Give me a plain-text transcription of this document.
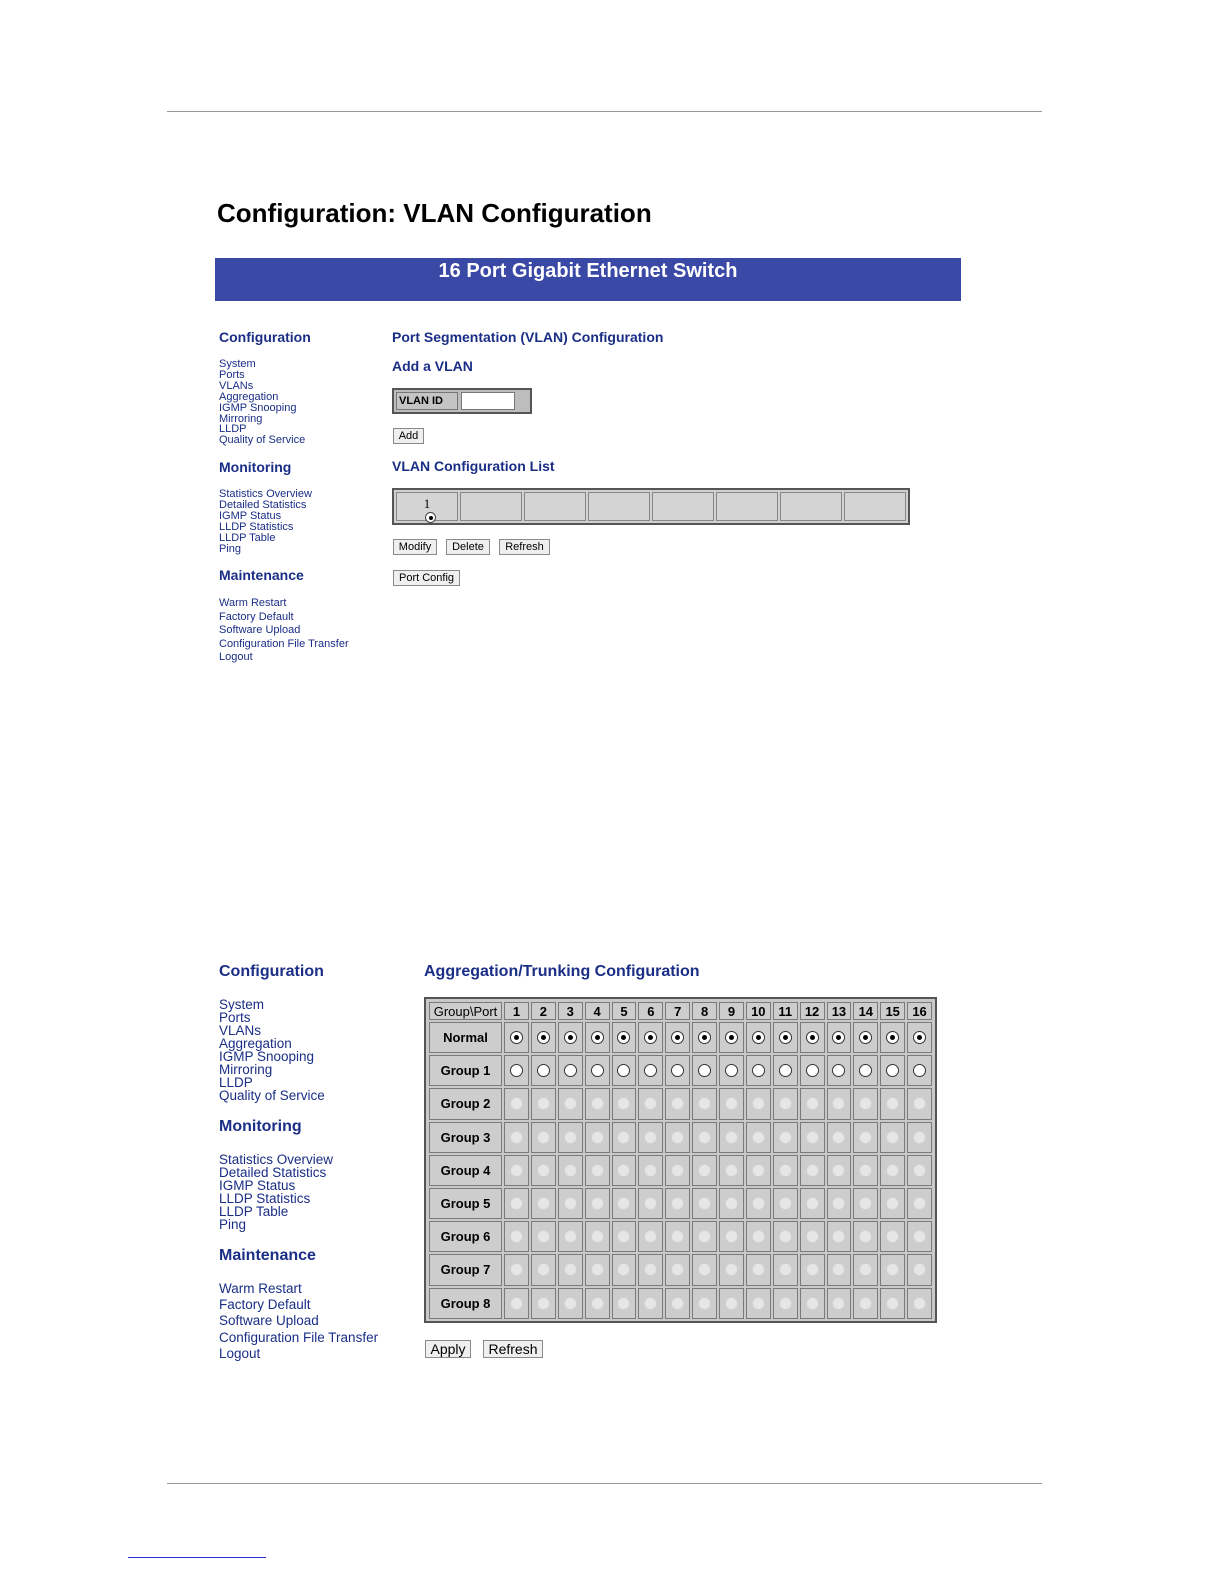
Configuration: VLAN Configuration
16 Port Gigabit Ethernet Switch
Configuration
System
Ports
VLANs
Aggregation
IGMP Snooping
Mirroring
LLDP
Quality of Service
Monitoring
Statistics Overview
Detailed Statistics
IGMP Status
LLDP Statistics
LLDP Table
Ping
Maintenance
Warm Restart
Factory Default
Software Upload
Configuration File Transfer
Logout
Port Segmentation (VLAN) Configuration
Add a VLAN
VLAN ID
Add
VLAN Configuration List
1
Modify	Delete	Refresh
Port Config
Configuration
System
Ports
VLANs
Aggregation
IGMP Snooping
Mirroring
LLDP
Quality of Service
Monitoring
Statistics Overview
Detailed Statistics
IGMP Status
LLDP Statistics
LLDP Table
Ping
Maintenance
Warm Restart
Factory Default
Software Upload
Configuration File Transfer
Logout
Aggregation/Trunking Configuration
Group\Port	1	2	3	4	5	6	7	8	9	10 11 12 13 14 15 16
Normal
Group 1
Group 2
Group 3
Group 4
Group 5
Group 6
Group 7
Group 8
Apply	Refresh
